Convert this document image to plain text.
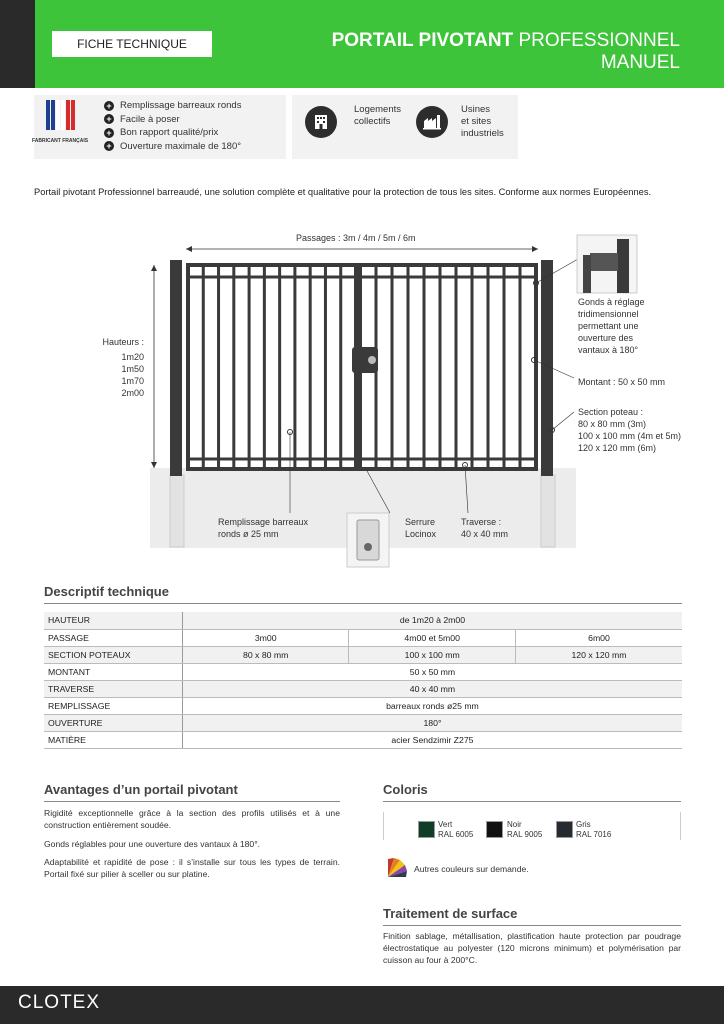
FICHE TECHNIQUE	PORTAIL PIVOTANT PROFESSIONNEL
MANUEL
FABRICANT FRANÇAIS
+ Remplissage barreaux ronds
+ Facile à poser
+ Bon rapport qualité/prix
+ Ouverture maximale de 180°
Logements
collectifs
Usines
et sites
industriels
Portail pivotant Professionnel barreaudé, une solution complète et qualitative pour la protection de tous les sites. Conforme aux normes Européennes.
Passages : 3m / 4m / 5m / 6m
Hauteurs :
1m20
1m50
1m70
2m00
Gonds à réglage
tridimensionnel
permettant une
ouverture des
vantaux à 180°
Montant : 50 x 50 mm
Section poteau :
80 x 80 mm (3m)
100 x 100 mm (4m et 5m)
120 x 120 mm (6m)
Remplissage barreaux
ronds ø 25 mm
Serrure
Locinox
Traverse :
40 x 40 mm
Descriptif technique
HAUTEUR	de 1m20 à 2m00		
PASSAGE	3m00	4m00 et 5m00	6m00
SECTION POTEAUX	80 x 80 mm	100 x 100 mm	120 x 120 mm
MONTANT	50 x 50 mm		
TRAVERSE	40 x 40 mm		
REMPLISSAGE	barreaux ronds ø25 mm		
OUVERTURE	180°		
MATIÈRE	acier Sendzimir Z275		
Avantages d’un portail pivotant
Rigidité exceptionnelle grâce à la section des profils utilisés et à une construction entièrement soudée.
Gonds réglables pour une ouverture des vantaux à 180°.
Adaptabilité et rapidité de pose : il s’installe sur tous les types de terrain. Portail fixé sur pilier à sceller ou sur platine.
Coloris
Vert
RAL 6005
Noir
RAL 9005
Gris
RAL 7016
Autres couleurs sur demande.
Traitement de surface
Finition sablage, métallisation, plastification haute protection par poudrage électrostatique au polyester (120 microns minimum) et polymérisation par cuisson au four à 200°C.
CLOTEX
